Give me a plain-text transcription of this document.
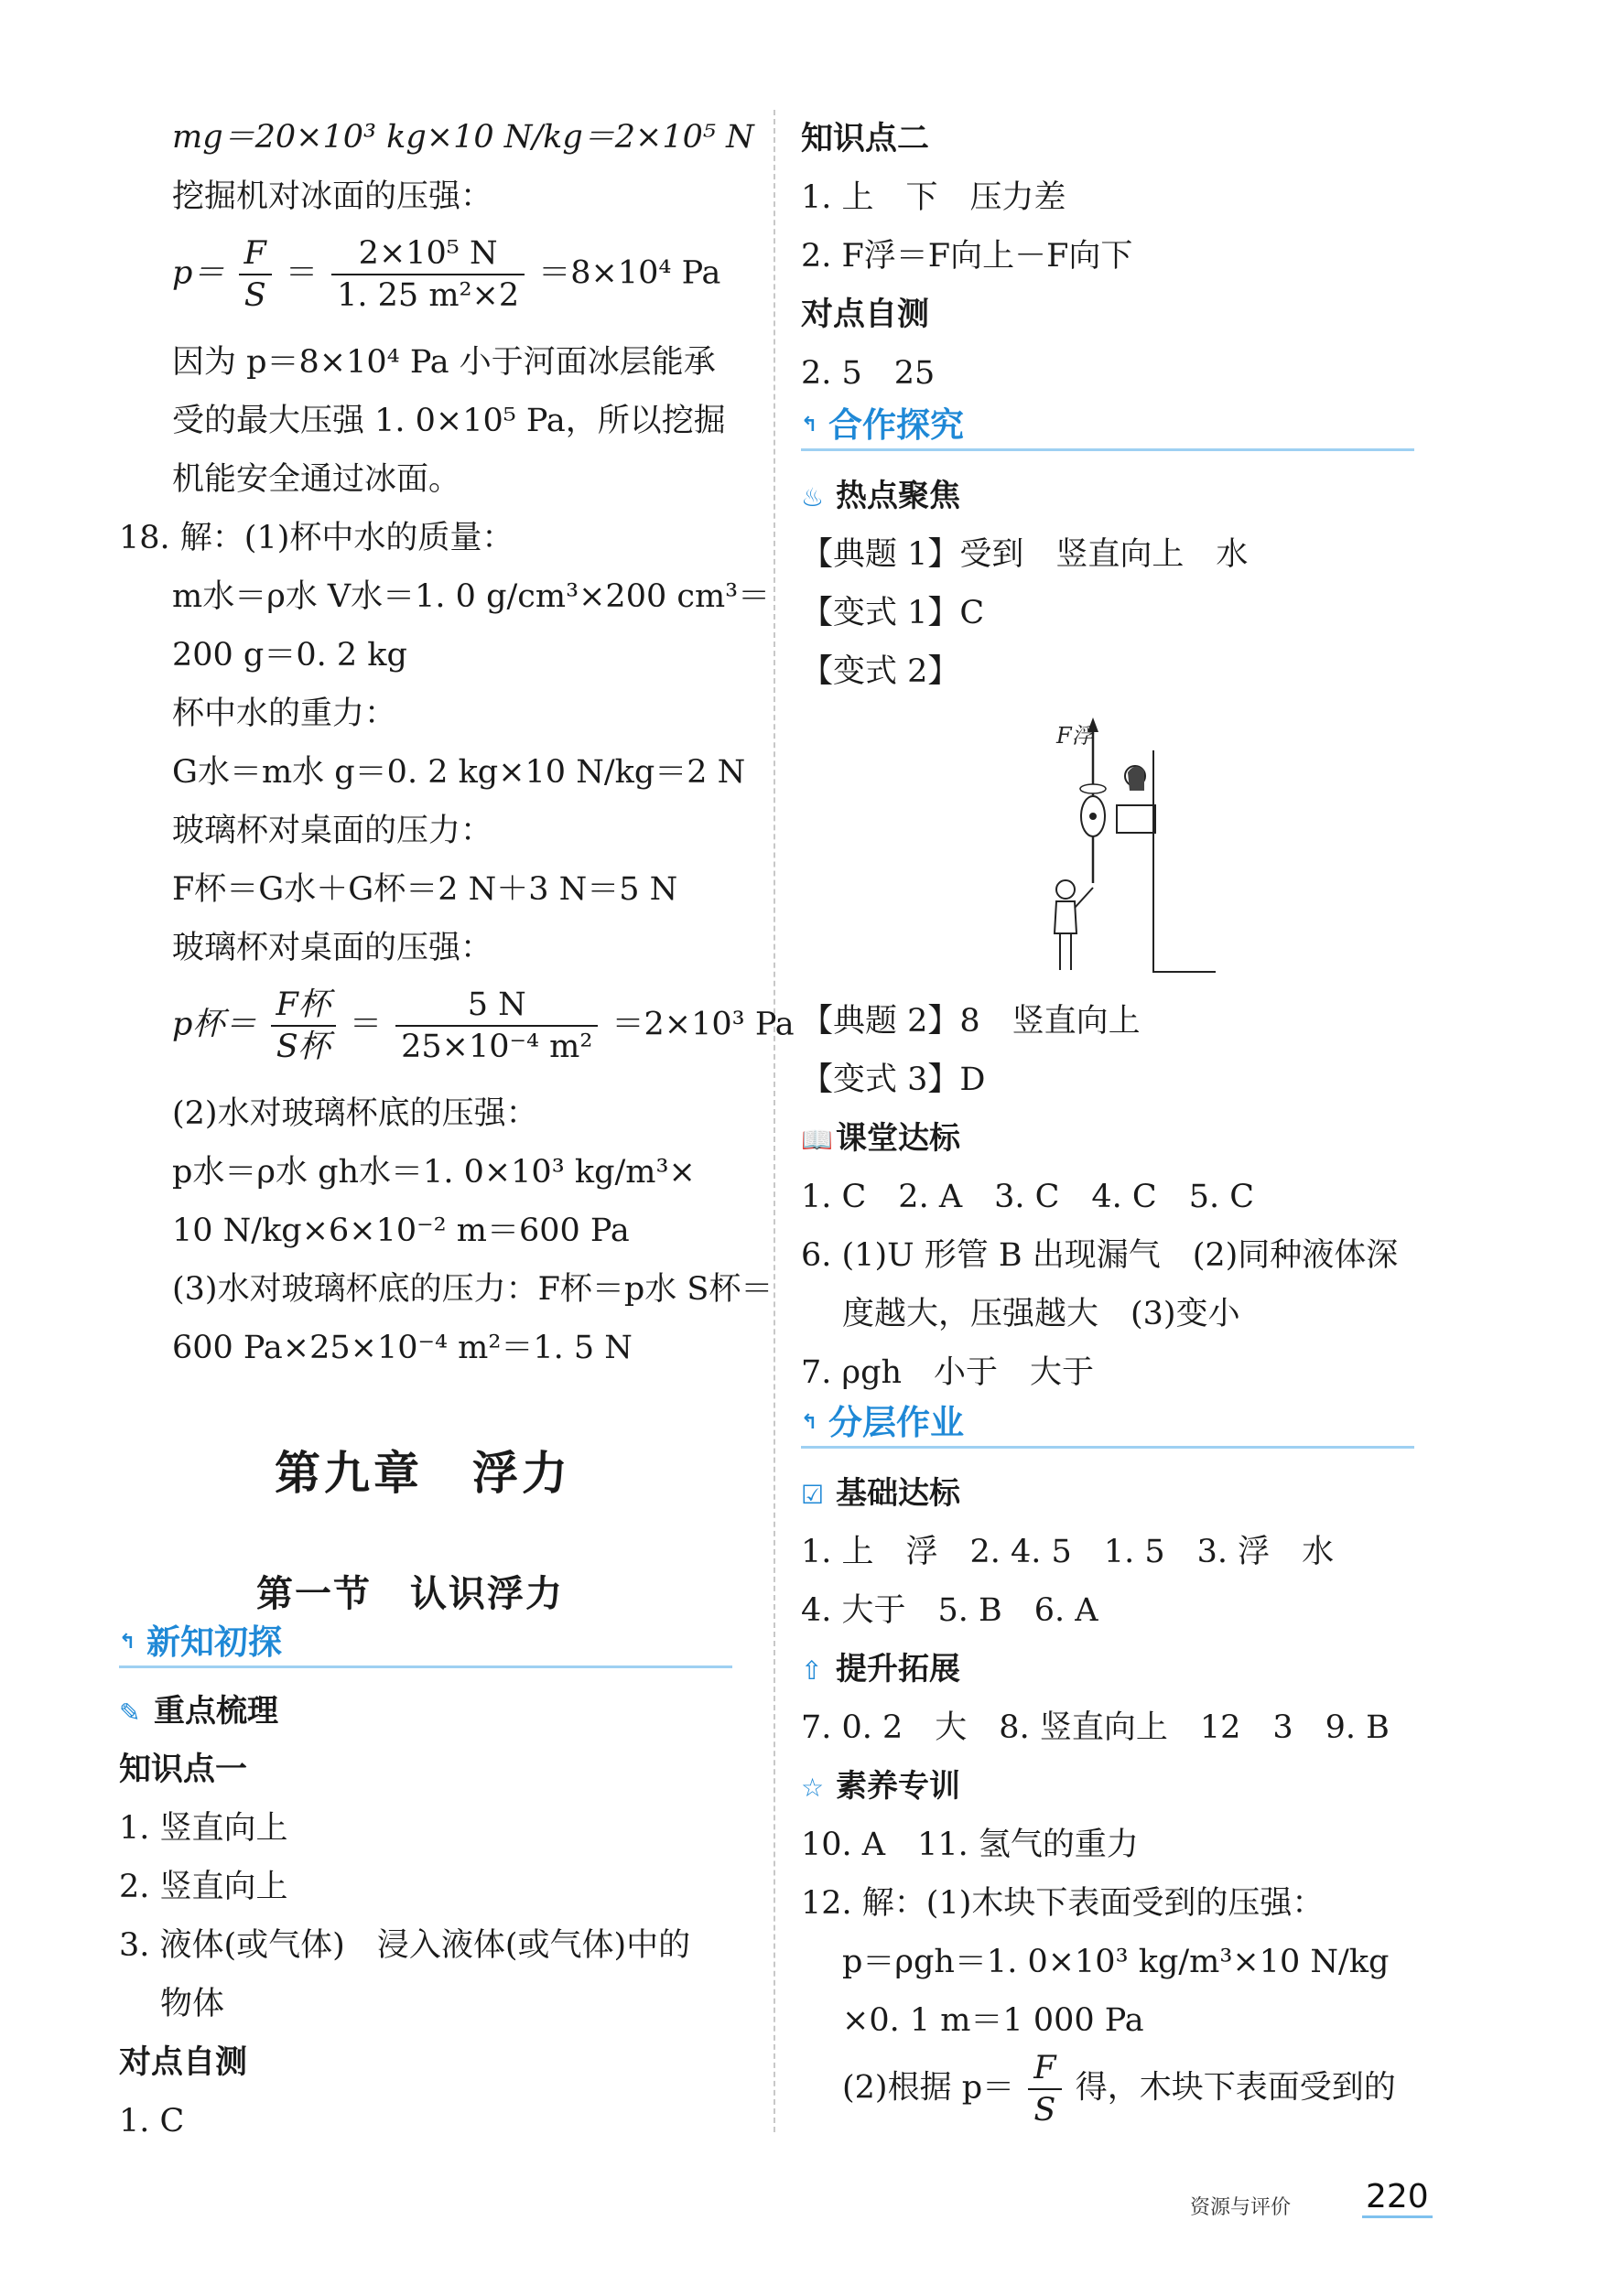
mg＝20×10³ kg×10 N/kg＝2×10⁵ N
挖掘机对冰面的压强：
$p= \frac{F}{S} = \frac{\text{2×10⁵ N}}{\text{1. 25 m²×2}} =8\times 10^4$ Pa
因为 p＝8×10⁴ Pa 小于河面冰层能承
受的最大压强 1. 0×10⁵ Pa，所以挖掘
机能安全通过冰面。
18. 解：(1)杯中水的质量：
m水＝ρ水 V水＝1. 0 g/cm³×200 cm³＝
200 g＝0. 2 kg
杯中水的重力：
G水＝m水 g＝0. 2 kg×10 N/kg＝2 N
玻璃杯对桌面的压力：
F杯＝G水＋G杯＝2 N＋3 N＝5 N
玻璃杯对桌面的压强：
p杯＝ $\frac{\text{F杯}}{\text{S杯}} = \frac{5 N}{\text{25×10⁻⁴ m²}} =2\times 10^3$ Pa
(2)水对玻璃杯底的压强：
p水＝ρ水 gh水＝1. 0×10³ kg/m³×
10 N/kg×6×10⁻² m＝600 Pa
(3)水对玻璃杯底的压力：F杯＝p水 S杯＝
600 Pa×25×10⁻⁴ m²＝1. 5 N
第九章　浮力
第一节　认识浮力
↰ 新知初探
✎ 重点梳理
知识点一
1. 竖直向上
2. 竖直向上
3. 液体(或气体)　浸入液体(或气体)中的
物体
对点自测
1. C
知识点二
1. 上　下　压力差
2. F浮＝F向上－F向下
对点自测
2. 5　25
↰ 合作探究
♨ 热点聚焦
【典题 1】受到　竖直向上　水
【变式 1】C
【变式 2】
F浮
【典题 2】8　竖直向上
【变式 3】D
📖课堂达标
1. C　2. A　3. C　4. C　5. C
6. (1)U 形管 B 出现漏气　(2)同种液体深
度越大，压强越大　(3)变小
7. ρgh　小于　大于
↰ 分层作业
☑ 基础达标
1. 上　浮　2. 4. 5　1. 5　3. 浮　水
4. 大于　5. B　6. A
⇧ 提升拓展
7. 0. 2　大　8. 竖直向上　12　3　9. B
☆ 素养专训
10. A　11. 氢气的重力
12. 解：(1)木块下表面受到的压强：
p＝ρgh＝1. 0×10³ kg/m³×10 N/kg
×0. 1 m＝1 000 Pa
(2)根据 $p= \frac{F}{S}$ 得，木块下表面受到的
资源与评价 220
